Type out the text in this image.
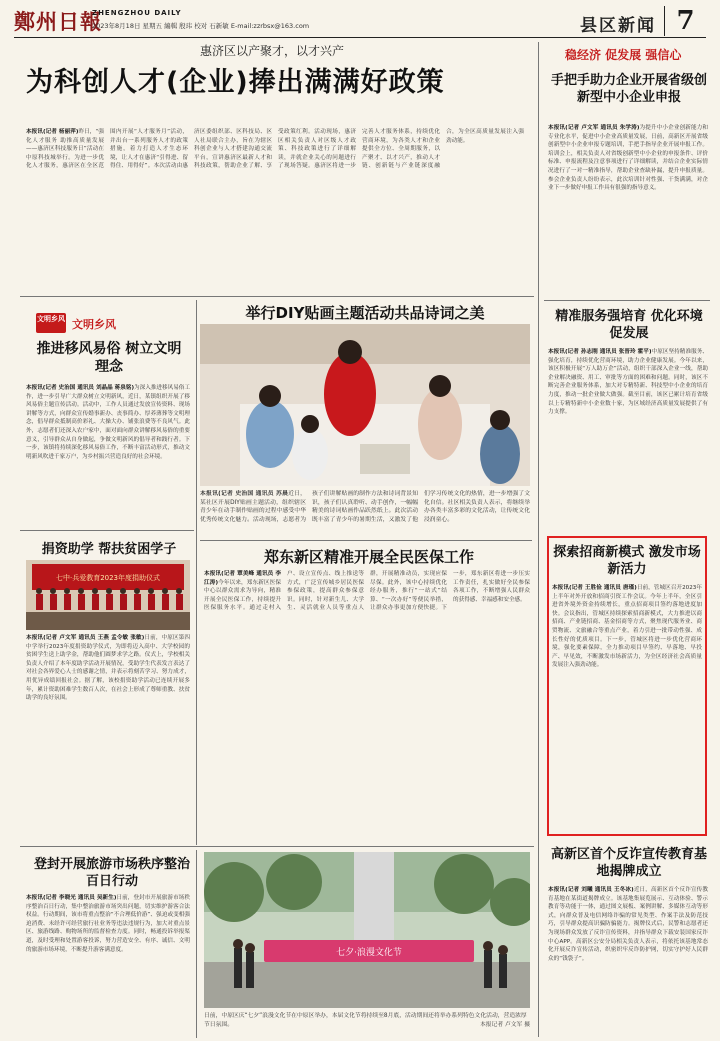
鄭州日報
ZHENGZHOU DAILY
2023年8月18日 星期五 編輯 殷玮 校对 石新敏 E-mail:zzrbsx@163.com	县区新闻 7
惠济区以产聚才，以才兴产
为科创人才(企业)捧出满满好政策
本报讯(记者 杨丽萍)昨日，“强化人才服务 助推高质量发展——惠济区科技服务日”活动在中原科技城举行。为进一步优化人才服务，惠济区在全区范围内开展“人才服务月”活动，并出台一系列服务人才的政策措施，着力打造人才生态环境，让人才在惠济“引得进、留得住、用得好”。本次活动由惠济区委组织部、区科技局、区人社局联合主办，旨在为辖区科创企业与人才搭建沟通交流平台，宣讲惠济区最新人才和科技政策，帮助企业了解、享受政策红利。活动现场，惠济区相关负责人对区级人才政策、科技政策进行了详细解读，并就企业关心的问题进行了现场答疑。惠济区将进一步完善人才服务体系，持续优化营商环境，为各类人才和企业提供全方位、全周期服务，以产聚才、以才兴产，推动人才链、创新链与产业链深度融合，为全区高质量发展注入强劲动能。
文明乡风 文明乡风
推进移风易俗 树立文明理念
本报讯(记者 史治国 通讯员 刘晶晶 蒋泉铭)为深入推进移风易俗工作，进一步引导广大群众树立文明新风，近日，某镇组织开展了移风易俗主题宣传活动。活动中，工作人员通过发放宣传资料、现场讲解等方式，向群众宣传婚事新办、丧事简办、厚养薄葬等文明理念，倡导群众抵制高价彩礼、大操大办、铺张浪费等不良风气。此外，志愿者们还深入农户家中，面对面向群众讲解移风易俗的重要意义，引导群众从自身做起，争做文明新风的倡导者和践行者。下一步，该镇将持续深化移风易俗工作，不断丰富活动形式，推动文明新风吹进千家万户，为乡村振兴营造良好的社会环境。
捐资助学 帮扶贫困学子
七中·兵爱教育2023年度捐助仪式
本报讯(记者 卢文军 通讯员 王燕 孟令敏 张敏)日前，中原区第四中学举行2023年度捐资助学仪式，为即将迈入高中、大学校园的贫困学生送上助学金，帮助他们圆梦求学之路。仪式上，学校相关负责人介绍了本年度助学活动开展情况，受助学生代表发言表达了对社会各界爱心人士的感谢之情，并表示将刻苦学习、努力成才，用优异成绩回报社会。据了解，该校捐资助学活动已连续开展多年，累计资助困难学生数百人次，在社会上形成了尊师重教、扶贫助学的良好氛围。
举行DIY贴画主题活动共品诗词之美
本报讯(记者 史治国 通讯员 苏晨近日，某社区开展DIY贴画主题活动，组织辖区青少年在动手制作贴画的过程中感受中华优秀传统文化魅力。活动现场，志愿者为孩子们讲解贴画的制作方法和诗词背景知识，孩子们认真聆听、动手创作，一幅幅精美的诗词贴画作品跃然纸上。此次活动既丰富了青少年的暑期生活，又激发了他们学习传统文化的热情，进一步增强了文化自信。社区相关负责人表示，将继续举办各类丰富多彩的文化活动，让传统文化浸润童心。
郑东新区精准开展全民医保工作
本报讯(记者 覃美峰 通讯员 李江涛)今年以来，郑东新区医保中心以群众需求为导向，精准开展全民医保工作，持续提升医保服务水平。通过走村入户、设立宣传点、线上推送等方式，广泛宣传城乡居民医保参保政策，提高群众参保意识。同时，针对新生儿、大学生、灵活就业人员等重点人群，开展精准动员，实现应保尽保。此外，该中心持续优化经办服务，推行“一站式”结算、“一次办好”等便民举措，让群众办事更加方便快捷。下一步，郑东新区将进一步压实工作责任，扎实做好全民参保各项工作，不断增强人民群众的获得感、幸福感和安全感。
登封开展旅游市场秩序整治百日行动
本报讯(记者 李晓光 通讯员 吴新生)日前，登封市开展旅游市场秩序整治百日行动，集中整治旅游市场突出问题，切实维护游客合法权益。行动期间，该市将重点整治“不合理低价游”、强迫或变相强迫消费、未经许可经营旅行社业务等违法违规行为，加大对重点景区、旅游线路、购物场所的监督检查力度。同时，畅通投诉举报渠道，及时受理和处置游客投诉，努力营造安全、有序、诚信、文明的旅游市场环境，不断提升游客满意度。	七夕·浪漫文化节
日前，中原区庆“七夕”浪漫文化节在中原区举办，本届文化节将持续至8月底，活动期间还将举办系列特色文化活动，营造浓厚节日氛围。	本报记者 卢文军 摄
稳经济 促发展 强信心
手把手助力企业开展省级创新型中小企业申报
本报讯(记者 卢文军 通讯员 朱学涛)为提升中小企业创新能力和专业化水平，促进中小企业高质量发展，日前，高新区开展省级创新型中小企业申报专题培训，手把手指导企业开展申报工作。培训会上，相关负责人对省级创新型中小企业的申报条件、评价标准、申报流程及注意事项进行了详细解读，并结合企业实际情况进行了一对一精准指导，帮助企业查缺补漏，提升申报质量。参会企业负责人纷纷表示，此次培训针对性强、干货满满，对企业下一步做好申报工作具有很强的指导意义。
精准服务强培育 优化环境促发展
本报讯(记者 孙志刚 通讯员 张晋玲 霍平)中原区坚持精准服务、强化培育，持续优化营商环境，助力企业健康发展。今年以来，该区积极开展“万人助万企”活动，组织干部深入企业一线，帮助企业解决融资、用工、审批等方面的困难和问题。同时，该区不断完善企业服务体系，加大对专精特新、科技型中小企业的培育力度，推动一批企业做大做强。截至目前，该区已累计培育省级以上专精特新中小企业数十家，为区域经济高质量发展提供了有力支撑。
探索招商新模式 激发市场新活力
本报讯(记者 王胜俭 通讯员 唐瑾)日前，管城区召开2023年上半年对外开放和招商引资工作会议。今年上半年，全区引进省外境外资金持续增长，重点招商项目签约落地进度加快。会议指出，管城区持续探索招商新模式，大力推进以商招商、产业链招商、基金招商等方式，聚焦现代服务业、商贸物流、文旅融合等重点产业，着力引进一批带动性强、成长性好的优质项目。下一步，管城区将进一步优化营商环境，强化要素保障，全力推动项目早签约、早落地、早投产、早见效，不断激发市场新活力，为全区经济社会高质量发展注入强劲动能。
高新区首个反诈宣传教育基地揭牌成立
本报讯(记者 刘曦 通讯员 王冬冰)近日，高新区首个反诈宣传教育基地在某街道揭牌成立。该基地集展览展示、互动体验、警示教育等功能于一体，通过图文展板、案例讲解、多媒体互动等形式，向群众普及电信网络诈骗的常见类型、作案手法及防范技巧，引导群众提高识骗防骗能力。揭牌仪式后，民警和志愿者还为现场群众发放了反诈宣传资料，并指导群众下载安装国家反诈中心APP。高新区公安分局相关负责人表示，将依托该基地常态化开展反诈宣传活动，织密织牢反诈防护网，切实守护好人民群众的“钱袋子”。
